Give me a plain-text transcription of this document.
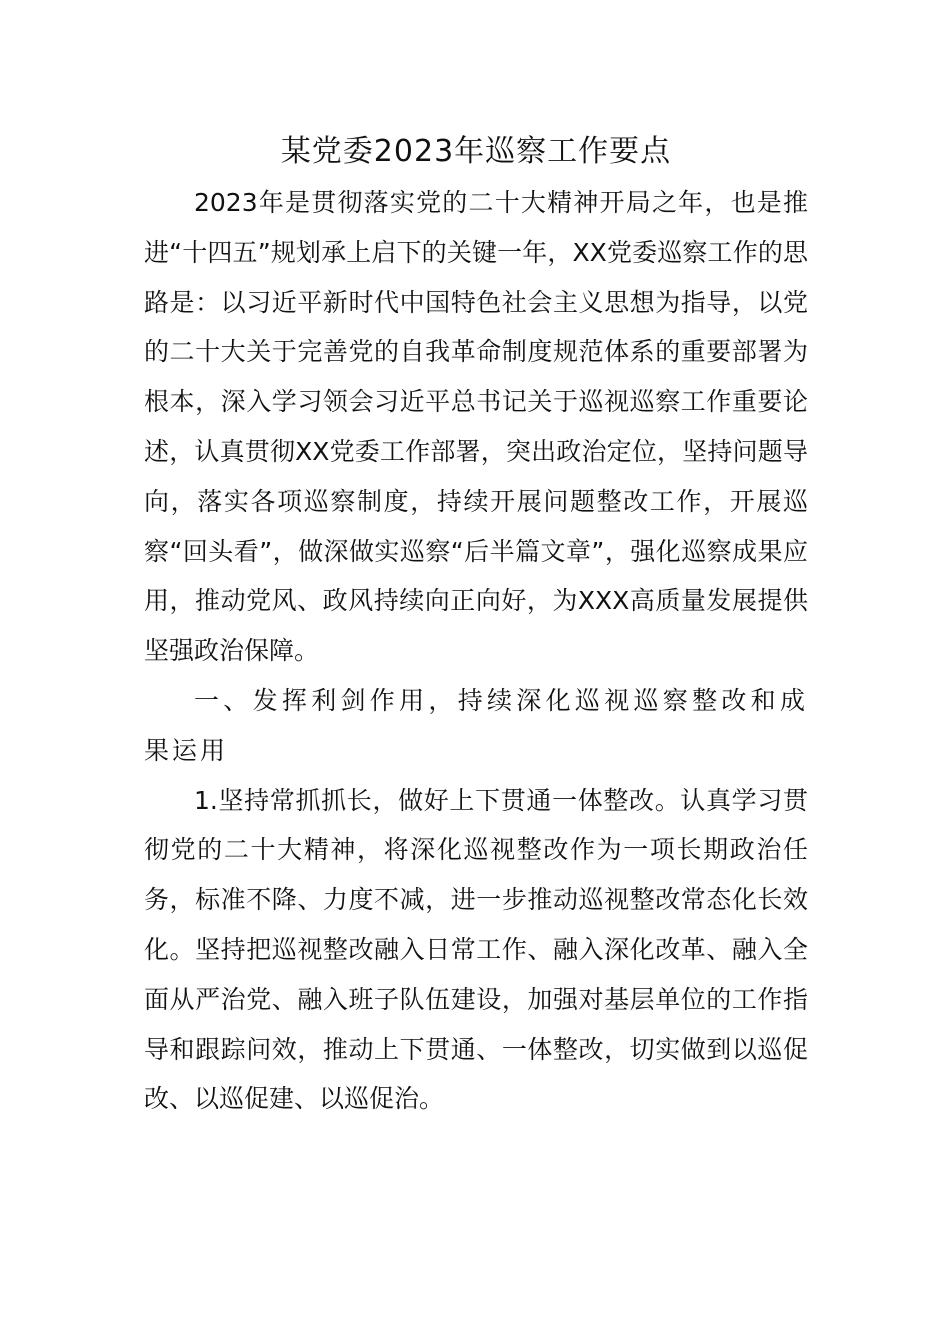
某党委2023年巡察工作要点

2023年是贯彻落实党的二十大精神开局之年，也是推进“十四五”规划承上启下的关键一年，XX党委巡察工作的思路是：以习近平新时代中国特色社会主义思想为指导，以党的二十大关于完善党的自我革命制度规范体系的重要部署为根本，深入学习领会习近平总书记关于巡视巡察工作重要论述，认真贯彻XX党委工作部署，突出政治定位，坚持问题导向，落实各项巡察制度，持续开展问题整改工作，开展巡察“回头看”，做深做实巡察“后半篇文章”，强化巡察成果应用，推动党风、政风持续向正向好，为XXX高质量发展提供坚强政治保障。

一、发挥利剑作用，持续深化巡视巡察整改和成果运用

1.坚持常抓抓长，做好上下贯通一体整改。认真学习贯彻党的二十大精神，将深化巡视整改作为一项长期政治任务，标准不降、力度不减，进一步推动巡视整改常态化长效化。坚持把巡视整改融入日常工作、融入深化改革、融入全面从严治党、融入班子队伍建设，加强对基层单位的工作指导和跟踪问效，推动上下贯通、一体整改，切实做到以巡促改、以巡促建、以巡促治。
